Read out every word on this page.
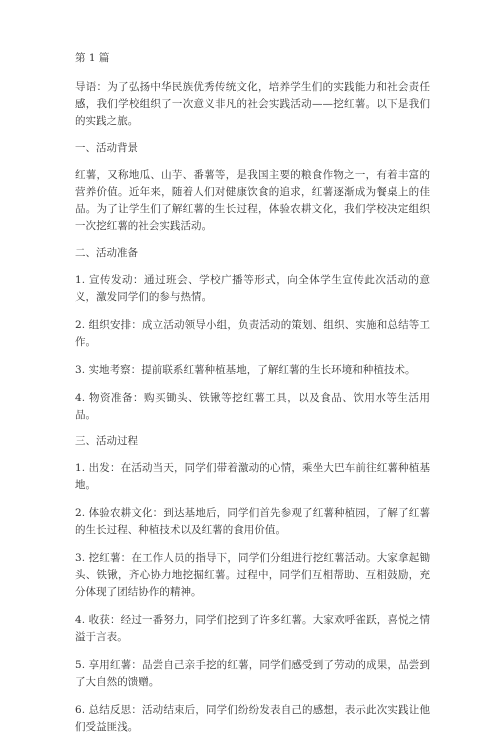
第 1 篇

导语：为了弘扬中华民族优秀传统文化，培养学生们的实践能力和社会责任感，我们学校组织了一次意义非凡的社会实践活动——挖红薯。以下是我们的实践之旅。

一、活动背景

红薯，又称地瓜、山芋、番薯等，是我国主要的粮食作物之一，有着丰富的营养价值。近年来，随着人们对健康饮食的追求，红薯逐渐成为餐桌上的佳品。为了让学生们了解红薯的生长过程，体验农耕文化，我们学校决定组织一次挖红薯的社会实践活动。

二、活动准备

1. 宣传发动：通过班会、学校广播等形式，向全体学生宣传此次活动的意义，激发同学们的参与热情。

2. 组织安排：成立活动领导小组，负责活动的策划、组织、实施和总结等工作。

3. 实地考察：提前联系红薯种植基地，了解红薯的生长环境和种植技术。

4. 物资准备：购买锄头、铁锹等挖红薯工具，以及食品、饮用水等生活用品。

三、活动过程

1. 出发：在活动当天，同学们带着激动的心情，乘坐大巴车前往红薯种植基地。

2. 体验农耕文化：到达基地后，同学们首先参观了红薯种植园，了解了红薯的生长过程、种植技术以及红薯的食用价值。

3. 挖红薯：在工作人员的指导下，同学们分组进行挖红薯活动。大家拿起锄头、铁锹，齐心协力地挖掘红薯。过程中，同学们互相帮助、互相鼓励，充分体现了团结协作的精神。

4. 收获：经过一番努力，同学们挖到了许多红薯。大家欢呼雀跃，喜悦之情溢于言表。

5. 享用红薯：品尝自己亲手挖的红薯，同学们感受到了劳动的成果，品尝到了大自然的馈赠。

6. 总结反思：活动结束后，同学们纷纷发表自己的感想，表示此次实践让他们受益匪浅。
